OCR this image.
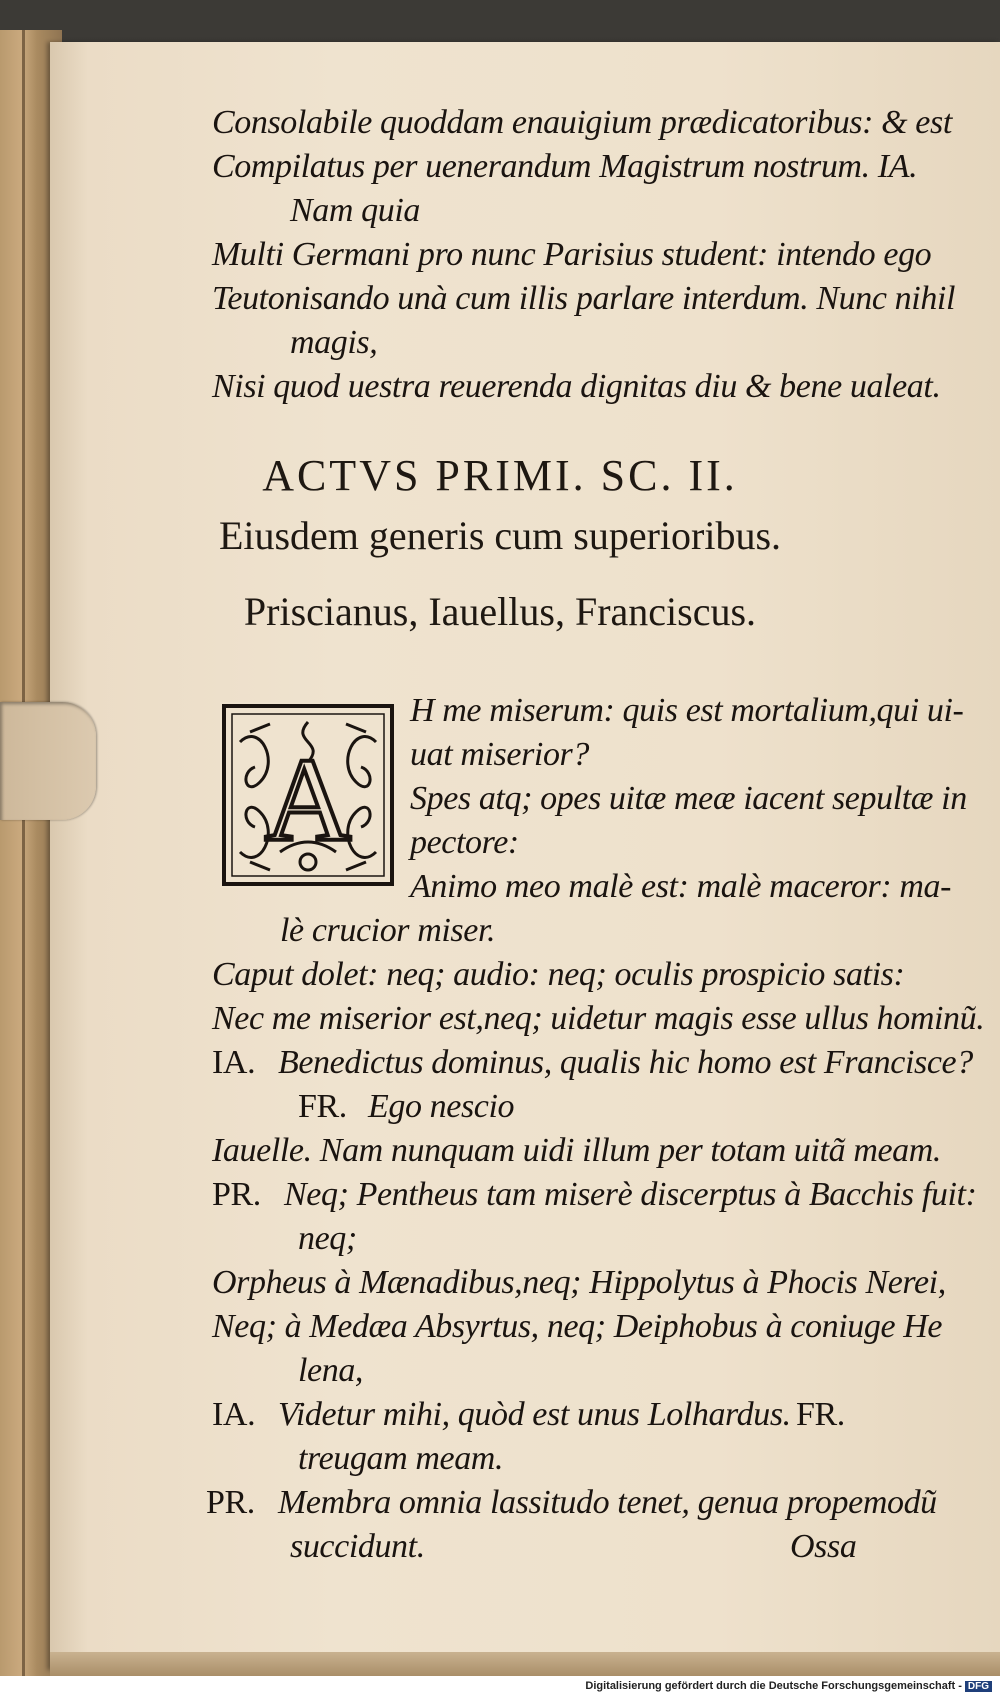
Consolabile quoddam enauigium prædicatoribus: & est
Compilatus per uenerandum Magistrum nostrum. IA.
Nam quia
Multi Germani pro nunc Parisius student: intendo ego
Teutonisando unà cum illis parlare interdum. Nunc nihil
magis,
Nisi quod uestra reuerenda dignitas diu & bene ualeat.
ACTVS PRIMI. SC. II.
Eiusdem generis cum superioribus.
Priscianus, Iauellus, Franciscus.
A
H me miserum: quis est mortalium,qui ui-
uat miserior?
Spes atq; opes uitæ meæ iacent sepultæ in
pectore:
Animo meo malè est: malè maceror: ma-
lè crucior miser.
Caput dolet: neq; audio: neq; oculis prospicio satis:
Nec me miserior est,neq; uidetur magis esse ullus hominũ.
IA. Benedictus dominus, qualis hic homo est Francisce?
FR. Ego nescio
Iauelle. Nam nunquam uidi illum per totam uitã meam.
PR. Neq; Pentheus tam miserè discerptus à Bacchis fuit:
neq;
Orpheus à Mænadibus,neq; Hippolytus à Phocis Nerei,
Neq; à Medæa Absyrtus, neq; Deiphobus à coniuge He
lena,
IA. Videtur mihi, quòd est unus Lolhardus. FR.
treugam meam.
PR. Membra omnia lassitudo tenet, genua propemodũ
succidunt.	Ossa
Digitalisierung gefördert durch die Deutsche Forschungsgemeinschaft - DFG
